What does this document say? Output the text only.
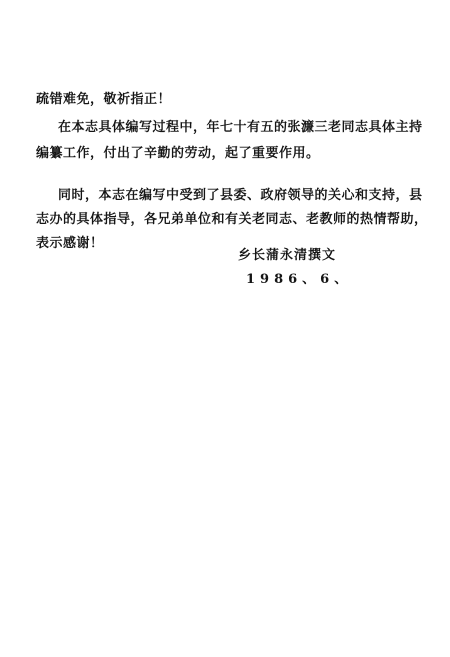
疏错难免，敬祈指正！
在本志具体编写过程中，年七十有五的张濂三老同志具体主持
编纂工作，付出了辛勤的劳动，起了重要作用。
同时，本志在编写中受到了县委、政府领导的关心和支持，县
志办的具体指导，各兄弟单位和有关老同志、老教师的热情帮助，
表示感谢！
乡长蒲永清撰文
1986、6、
